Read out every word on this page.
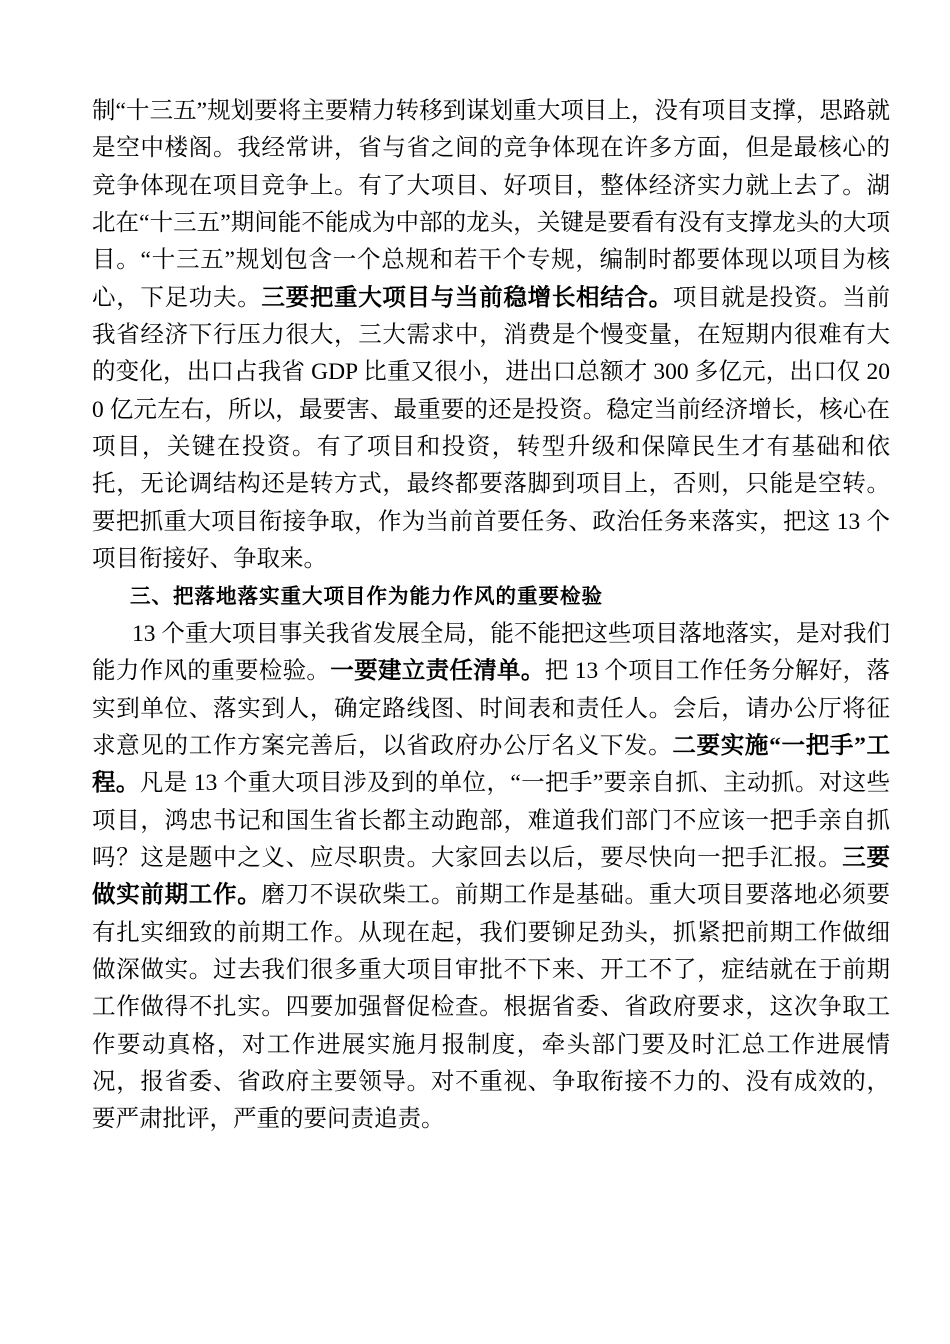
制“十三五”规划要将主要精力转移到谋划重大项目上，没有项目支撑，思路就是空中楼阁。我经常讲，省与省之间的竞争体现在许多方面，但是最核心的竞争体现在项目竞争上。有了大项目、好项目，整体经济实力就上去了。湖北在“十三五”期间能不能成为中部的龙头，关键是要看有没有支撑龙头的大项目。“十三五”规划包含一个总规和若干个专规，编制时都要体现以项目为核心，下足功夫。三要把重大项目与当前稳增长相结合。项目就是投资。当前我省经济下行压力很大，三大需求中，消费是个慢变量，在短期内很难有大的变化，出口占我省 GDP 比重又很小，进出口总额才 300 多亿元，出口仅 200 亿元左右，所以，最要害、最重要的还是投资。稳定当前经济增长，核心在项目，关键在投资。有了项目和投资，转型升级和保障民生才有基础和依托，无论调结构还是转方式，最终都要落脚到项目上，否则，只能是空转。要把抓重大项目衔接争取，作为当前首要任务、政治任务来落实，把这 13 个项目衔接好、争取来。

三、把落地落实重大项目作为能力作风的重要检验

13 个重大项目事关我省发展全局，能不能把这些项目落地落实，是对我们能力作风的重要检验。一要建立责任清单。把 13 个项目工作任务分解好，落实到单位、落实到人，确定路线图、时间表和责任人。会后，请办公厅将征求意见的工作方案完善后，以省政府办公厅名义下发。二要实施“一把手”工程。凡是 13 个重大项目涉及到的单位，“一把手”要亲自抓、主动抓。对这些项目，鸿忠书记和国生省长都主动跑部，难道我们部门不应该一把手亲自抓吗？这是题中之义、应尽职贵。大家回去以后，要尽快向一把手汇报。三要做实前期工作。磨刀不误砍柴工。前期工作是基础。重大项目要落地必须要有扎实细致的前期工作。从现在起，我们要铆足劲头，抓紧把前期工作做细做深做实。过去我们很多重大项目审批不下来、开工不了，症结就在于前期工作做得不扎实。四要加强督促检查。根据省委、省政府要求，这次争取工作要动真格，对工作进展实施月报制度，牵头部门要及时汇总工作进展情况，报省委、省政府主要领导。对不重视、争取衔接不力的、没有成效的，要严肃批评，严重的要问责追责。
